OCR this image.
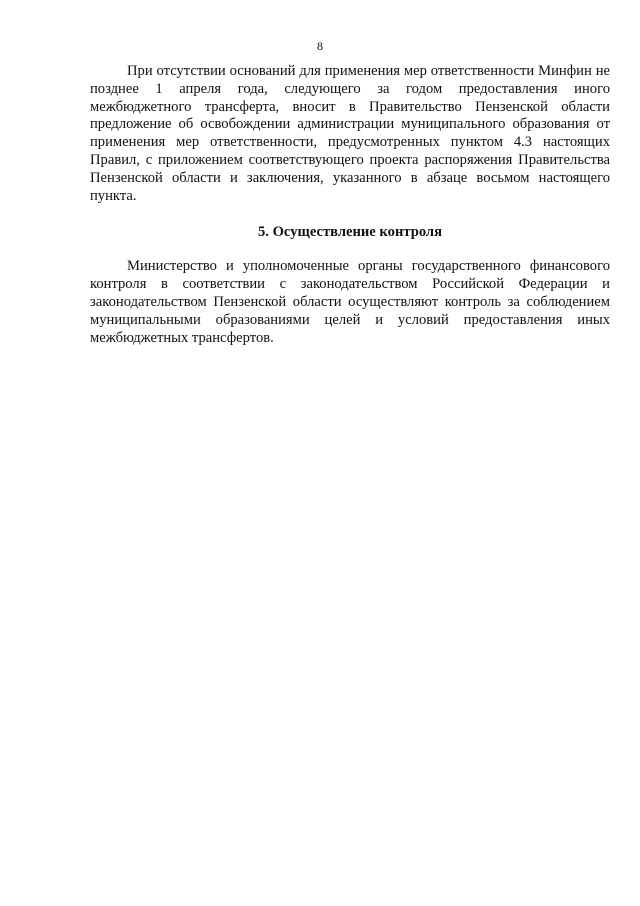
8

При отсутствии оснований для применения мер ответственности Минфин не позднее 1 апреля года, следующего за годом предоставления иного межбюджетного трансферта, вносит в Правительство Пензенской области предложение об освобождении администрации муниципального образования от применения мер ответственности, предусмотренных пунктом 4.3 настоящих Правил, с приложением соответствующего проекта распоряжения Правительства Пензенской области и заключения, указанного в абзаце восьмом настоящего пункта.

5. Осуществление контроля

Министерство и уполномоченные органы государственного финансового контроля в соответствии с законодательством Российской Федерации и законодательством Пензенской области осуществляют контроль за соблюдением муниципальными образованиями целей и условий предоставления иных межбюджетных трансфертов.
